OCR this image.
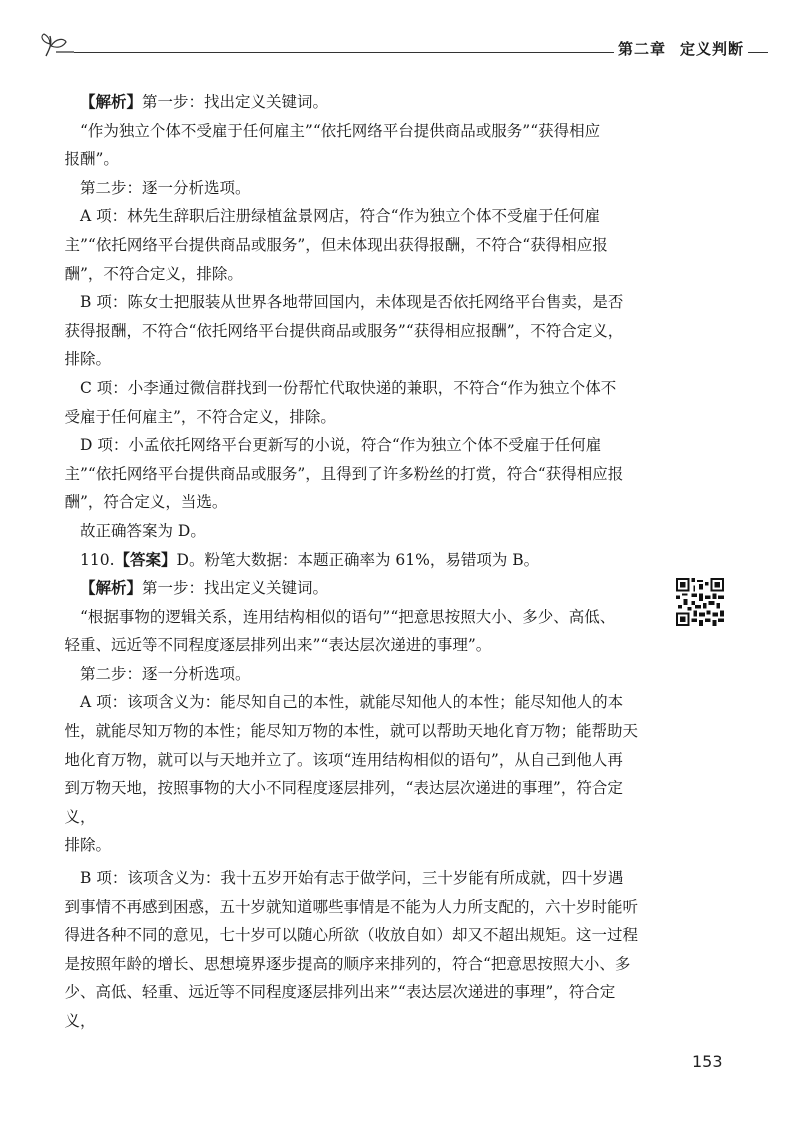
第二章 定义判断

【解析】第一步：找出定义关键词。

“作为独立个体不受雇于任何雇主”“依托网络平台提供商品或服务”“获得相应

报酬”。

第二步：逐一分析选项。

A 项：林先生辞职后注册绿植盆景网店，符合“作为独立个体不受雇于任何雇

主”“依托网络平台提供商品或服务”，但未体现出获得报酬，不符合“获得相应报

酬”，不符合定义，排除。

B 项：陈女士把服装从世界各地带回国内，未体现是否依托网络平台售卖，是否

获得报酬，不符合“依托网络平台提供商品或服务”“获得相应报酬”，不符合定义，

排除。

C 项：小李通过微信群找到一份帮忙代取快递的兼职，不符合“作为独立个体不

受雇于任何雇主”，不符合定义，排除。

D 项：小孟依托网络平台更新写的小说，符合“作为独立个体不受雇于任何雇

主”“依托网络平台提供商品或服务”，且得到了许多粉丝的打赏，符合“获得相应报

酬”，符合定义，当选。

故正确答案为 D。

110.【答案】D。粉笔大数据：本题正确率为 61%，易错项为 B。

【解析】第一步：找出定义关键词。

“根据事物的逻辑关系，连用结构相似的语句”“把意思按照大小、多少、高低、

轻重、远近等不同程度逐层排列出来”“表达层次递进的事理”。

第二步：逐一分析选项。

A 项：该项含义为：能尽知自己的本性，就能尽知他人的本性；能尽知他人的本

性，就能尽知万物的本性；能尽知万物的本性，就可以帮助天地化育万物；能帮助天

地化育万物，就可以与天地并立了。该项“连用结构相似的语句”，从自己到他人再

到万物天地，按照事物的大小不同程度逐层排列，“表达层次递进的事理”，符合定义，

排除。

B 项：该项含义为：我十五岁开始有志于做学问，三十岁能有所成就，四十岁遇

到事情不再感到困惑，五十岁就知道哪些事情是不能为人力所支配的，六十岁时能听

得进各种不同的意见，七十岁可以随心所欲（收放自如）却又不超出规矩。这一过程

是按照年龄的增长、思想境界逐步提高的顺序来排列的，符合“把意思按照大小、多

少、高低、轻重、远近等不同程度逐层排列出来”“表达层次递进的事理”，符合定义，

153
